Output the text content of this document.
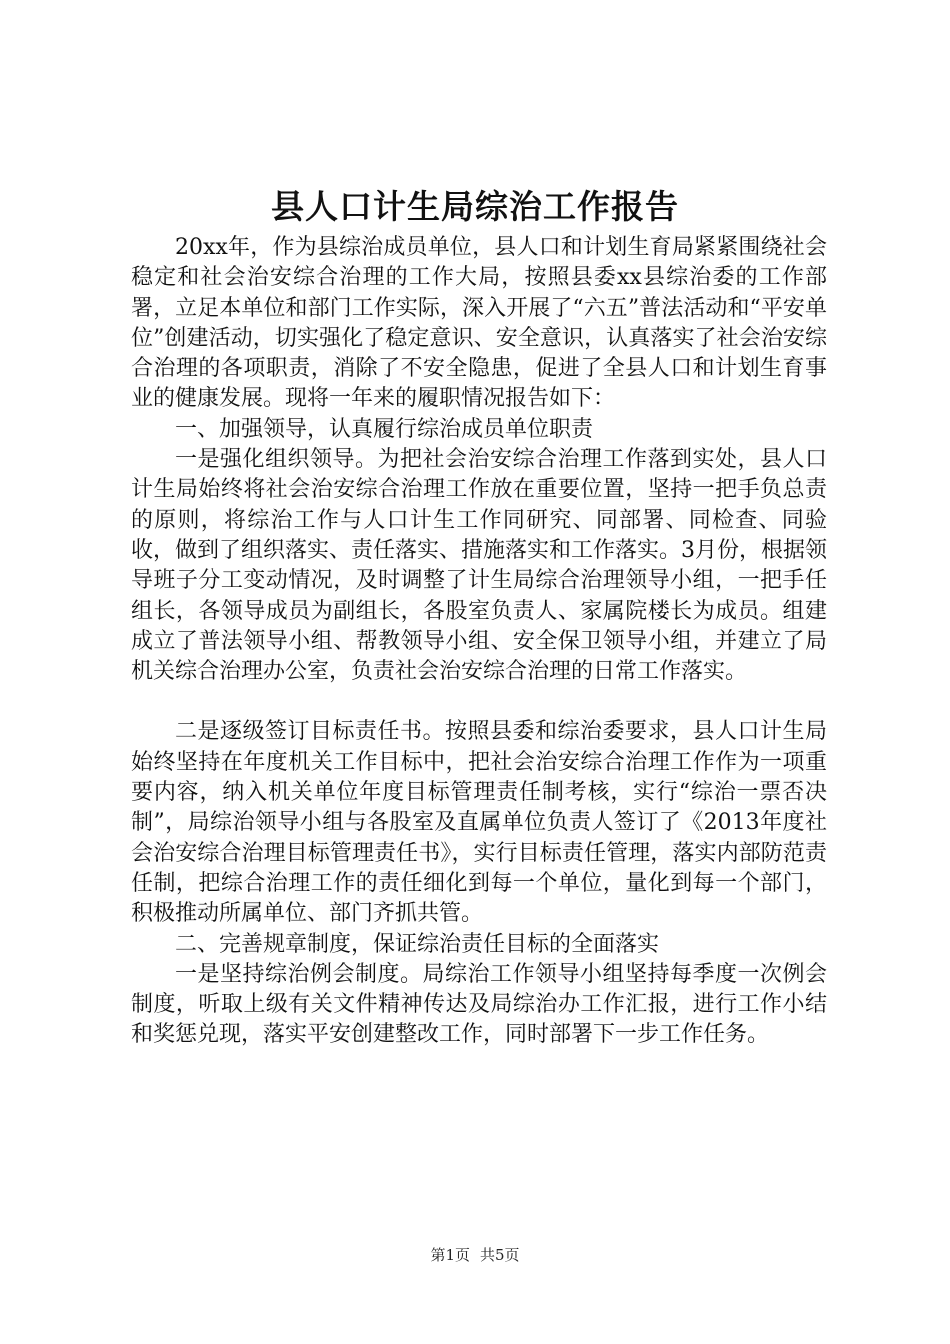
县人口计生局综治工作报告

20xx年，作为县综治成员单位，县人口和计划生育局紧紧围绕社会稳定和社会治安综合治理的工作大局，按照县委xx县综治委的工作部署，立足本单位和部门工作实际，深入开展了“六五”普法活动和“平安单位”创建活动，切实强化了稳定意识、安全意识，认真落实了社会治安综合治理的各项职责，消除了不安全隐患，促进了全县人口和计划生育事业的健康发展。现将一年来的履职情况报告如下：

一、加强领导，认真履行综治成员单位职责

一是强化组织领导。为把社会治安综合治理工作落到实处，县人口计生局始终将社会治安综合治理工作放在重要位置，坚持一把手负总责的原则，将综治工作与人口计生工作同研究、同部署、同检查、同验收，做到了组织落实、责任落实、措施落实和工作落实。3月份，根据领导班子分工变动情况，及时调整了计生局综合治理领导小组，一把手任组长，各领导成员为副组长，各股室负责人、家属院楼长为成员。组建成立了普法领导小组、帮教领导小组、安全保卫领导小组，并建立了局机关综合治理办公室，负责社会治安综合治理的日常工作落实。

二是逐级签订目标责任书。按照县委和综治委要求，县人口计生局始终坚持在年度机关工作目标中，把社会治安综合治理工作作为一项重要内容，纳入机关单位年度目标管理责任制考核，实行“综治一票否决制”，局综治领导小组与各股室及直属单位负责人签订了《2013年度社会治安综合治理目标管理责任书》，实行目标责任管理，落实内部防范责任制，把综合治理工作的责任细化到每一个单位，量化到每一个部门，积极推动所属单位、部门齐抓共管。

二、完善规章制度，保证综治责任目标的全面落实

一是坚持综治例会制度。局综治工作领导小组坚持每季度一次例会制度，听取上级有关文件精神传达及局综治办工作汇报，进行工作小结和奖惩兑现，落实平安创建整改工作，同时部署下一步工作任务。

第1页 共5页
